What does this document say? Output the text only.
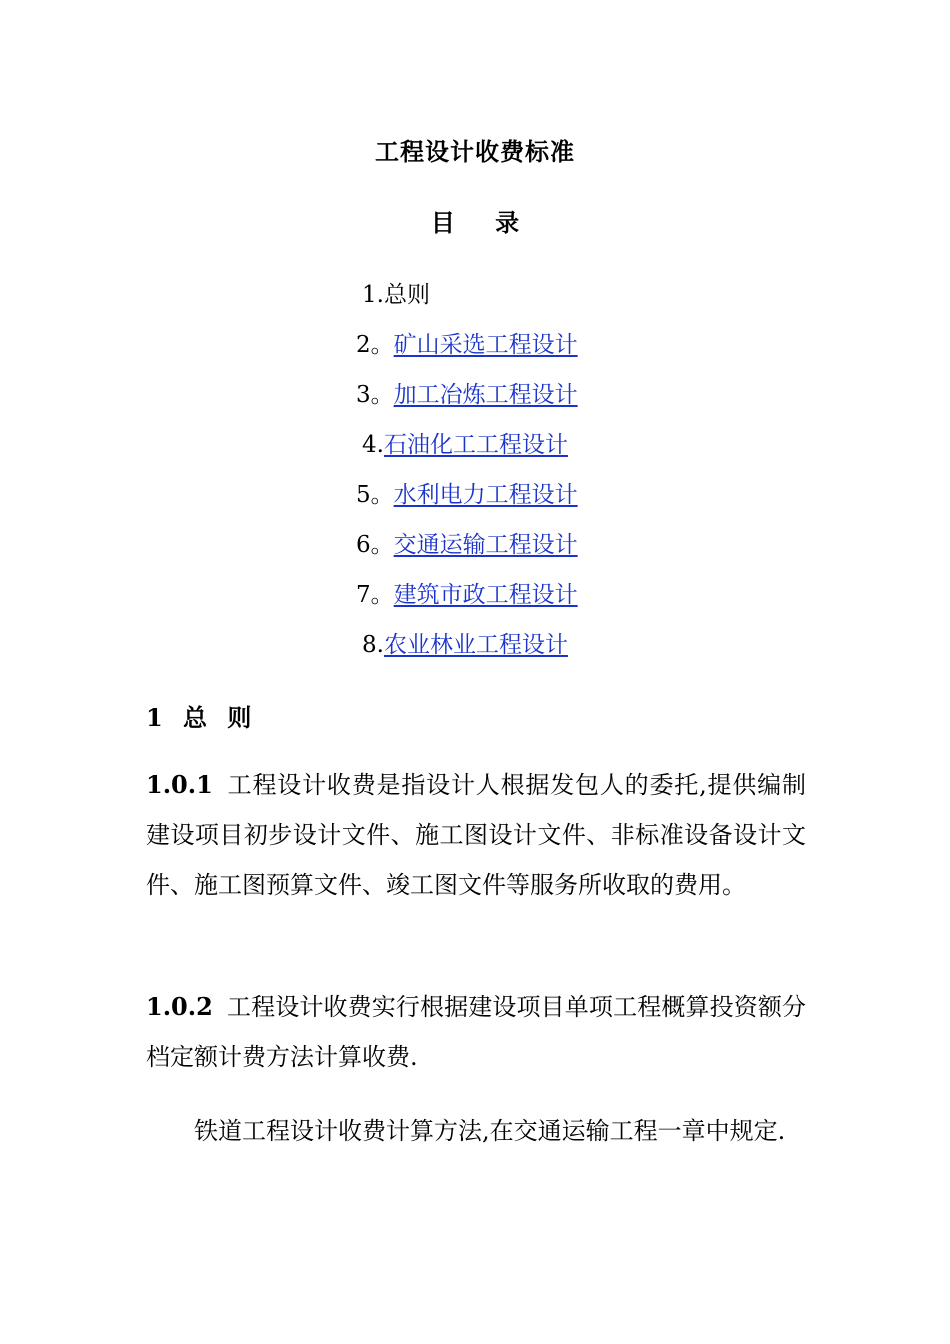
工程设计收费标准
目 录
1.总则
2。矿山采选工程设计
3。加工冶炼工程设计
4.石油化工工程设计
5。水利电力工程设计
6。交通运输工程设计
7。建筑市政工程设计
8.农业林业工程设计
1 总 则
1.0.1 工程设计收费是指设计人根据发包人的委托,提供编制建设项目初步设计文件、施工图设计文件、非标准设备设计文件、施工图预算文件、竣工图文件等服务所收取的费用。
1.0.2 工程设计收费实行根据建设项目单项工程概算投资额分档定额计费方法计算收费.
铁道工程设计收费计算方法,在交通运输工程一章中规定.
